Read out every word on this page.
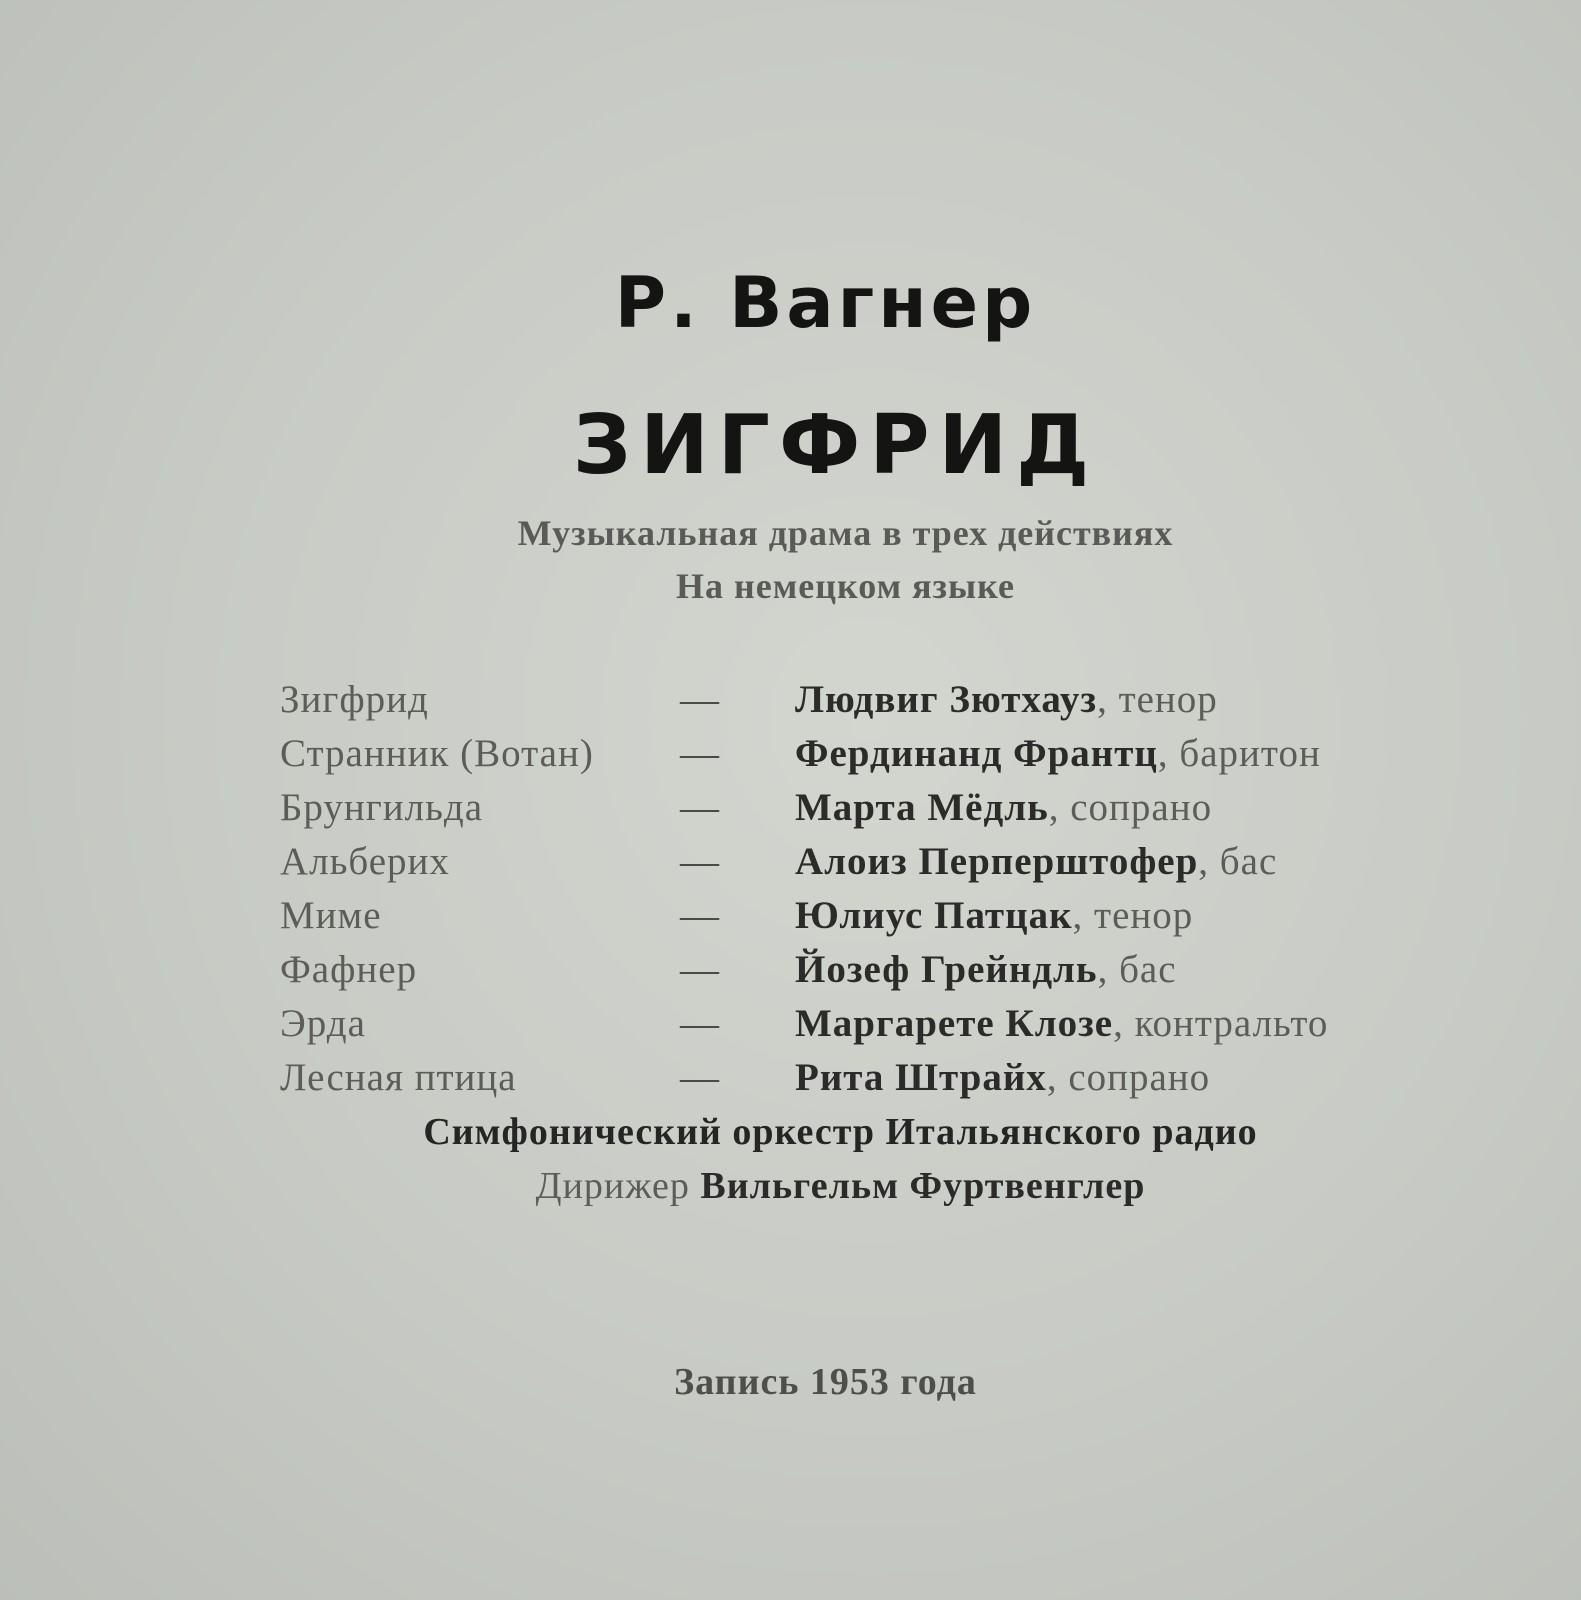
Р. Вагнер
ЗИГФРИД
Музыкальная драма в трех действиях
На немецком языке
Зигфрид	— Людвиг Зютхауз, тенор
Странник (Вотан) — Фердинанд Франтц, баритон
Брунгильда	— Марта Мёдль, сопрано
Альберих	— Алоиз Перперштофер, бас
Миме	— Юлиус Патцак, тенор
Фафнер	— Йозеф Грейндль, бас
Эрда	— Маргарете Клозе, контральто
Лесная птица	— Рита Штрайх, сопрано
Симфонический оркестр Итальянского радио
Дирижер Вильгельм Фуртвенглер
Запись 1953 года
